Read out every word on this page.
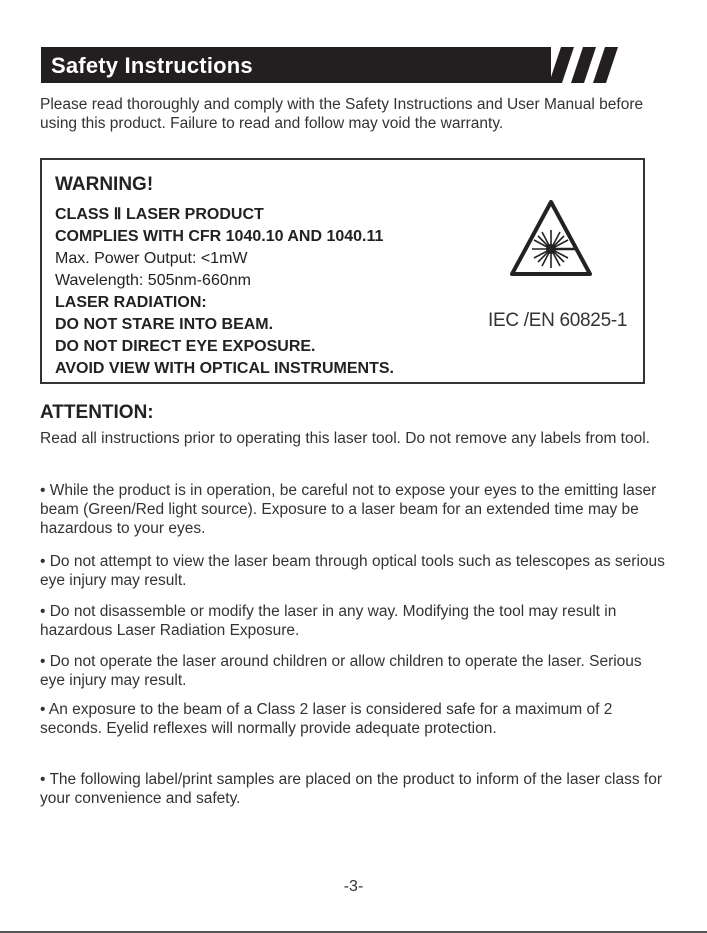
Safety Instructions
Please read thoroughly and comply with the Safety Instructions and User Manual before using this product. Failure to read and follow may void the warranty.
WARNING!
CLASS Ⅱ LASER PRODUCT
COMPLIES WITH CFR 1040.10 AND 1040.11
Max. Power Output: <1mW
Wavelength: 505nm-660nm
LASER RADIATION:
DO NOT STARE INTO BEAM.
DO NOT DIRECT EYE EXPOSURE.
AVOID VIEW WITH OPTICAL INSTRUMENTS.
IEC /EN 60825-1
ATTENTION:
Read all instructions prior to operating this laser tool. Do not remove any labels from tool.
• While the product is in operation, be careful not to expose your eyes to the emitting laser beam (Green/Red light source). Exposure to a laser beam for an extended time may be hazardous to your eyes.
• Do not attempt to view the laser beam through optical tools such as telescopes as serious eye injury may result.
• Do not disassemble or modify the laser in any way. Modifying the tool may result in hazardous Laser Radiation Exposure.
• Do not operate the laser around children or allow children to operate the laser. Serious eye injury may result.
• An exposure to the beam of a Class 2 laser is considered safe for a maximum of 2 seconds. Eyelid reflexes will normally provide adequate protection.
• The following label/print samples are placed on the product to inform of the laser class for your convenience and safety.
-3-
